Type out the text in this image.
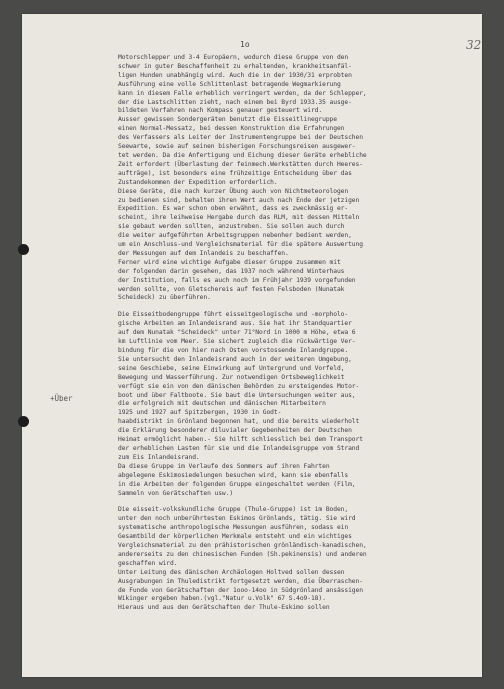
1o	32
+Über
Motorschlepper und 3-4 Europäern, wodurch diese Gruppe von den
schwer in guter Beschaffenheit zu erhaltenden, krankheitsanfäl-
ligen Hunden unabhängig wird. Auch die in der 1930/31 erprobten
Ausführung eine volle Schlittenlast betragende Wegmarkierung
kann in diesem Falle erheblich verringert werden, da der Schlepper,
der die Lastschlitten zieht, nach einem bei Byrd 1933.35 ausge-
bildeten Verfahren nach Kompass genauer gesteuert wird.
Ausser gewissen Sondergeräten benutzt die Eisseitlinegruppe
einen Normal-Messatz, bei dessen Konstruktion die Erfahrungen
des Verfassers als Leiter der Instrumentengruppe bei der Deutschen
Seewarte, sowie auf seinen bisherigen Forschungsreisen ausgewer-
tet werden. Da die Anfertigung und Eichung dieser Geräte erhebliche
Zeit erfordert (Überlastung der feinmech.Werkstätten durch Heeres-
aufträge), ist besonders eine frühzeitige Entscheidung über das
Zustandekommen der Expedition erforderlich.
Diese Geräte, die nach kurzer Übung auch von Nichtmeteorologen
zu bedienen sind, behalten ihren Wert auch nach Ende der jetzigen
Expedition. Es war schon oben erwähnt, dass es zweckmässig er-
scheint, ihre leihweise Hergabe durch das RLM, mit dessen Mitteln
sie gebaut werden sollten, anzustreben. Sie sollen auch durch
die weiter aufgeführten Arbeitsgruppen nebenher bedient werden,
um ein Anschluss-und Vergleichsmaterial für die spätere Auswertung
der Messungen auf dem Inlandeis zu beschaffen.
Ferner wird eine wichtige Aufgabe dieser Gruppe zusammen mit
der folgenden darin gesehen, das 1937 noch während Winterhaus
der Institution, falls es auch noch im Frühjahr 1939 vorgefunden
werden sollte, von Gletschereis auf festen Felsboden (Nunatak
Scheideck) zu überführen.
Die Eisseitbodengruppe führt eisseitgeologische und -morpholo-
gische Arbeiten am Inlandeisrand aus. Sie hat ihr Standquartier
auf dem Nunatak "Scheideck" unter 71°Nord in 1000 m Höhe, etwa 6
km Luftlinie vom Meer. Sie sichert zugleich die rückwärtige Ver-
bindung für die von hier nach Osten vorstossende Inlandgruppe.
Sie untersucht den Inlandeisrand auch in der weiteren Umgebung,
seine Geschiebe, seine Einwirkung auf Untergrund und Vorfeld,
Bewegung und Wasserführung. Zur notwendigen Ortsbeweglichkeit
verfügt sie ein von den dänischen Behörden zu ersteigendes Motor-
boot und über Faltboote. Sie baut die Untersuchungen weiter aus,
die erfolgreich mit deutschen und dänischen Mitarbeitern
1925 und 1927 auf Spitzbergen, 1930 in Godt-
haabdistrikt in Grönland begonnen hat, und die bereits wiederholt
die Erklärung besonderer diluvialer Gegebenheiten der Deutschen
Heimat ermöglicht haben.- Sie hilft schliesslich bei dem Transport
der erheblichen Lasten für sie und die Inlandeisgruppe vom Strand
zum Eis Inlandeisrand.
Da diese Gruppe im Verlaufe des Sommers auf ihren Fahrten
abgelegene Eskimosiedelungen besuchen wird, kann sie ebenfalls
in die Arbeiten der folgenden Gruppe eingeschaltet werden (Film,
Sammeln von Gerätschaften usw.)
Die eisseit-volkskundliche Gruppe (Thule-Gruppe) ist im Boden,
unter den noch unberührtesten Eskimos Grönlands, tätig. Sie wird
systematische anthropologische Messungen ausführen, sodass ein
Gesamtbild der körperlichen Merkmale entsteht und ein wichtiges
Vergleichsmaterial zu den prähistorischen grönländisch-kanadischen,
andererseits zu den chinesischen Funden (Sh.pekinensis) und anderen
geschaffen wird.
Unter Leitung des dänischen Archäologen Holtved sollen dessen
Ausgrabungen im Thuledistrikt fortgesetzt werden, die Überraschen-
de Funde von Gerätschaften der 1ooo-14oo in Südgrönland ansässigen
Wikinger ergeben haben.(vgl."Natur u.Volk" 67 S.4o9-18).
Hieraus und aus den Gerätschaften der Thule-Eskimo sollen
